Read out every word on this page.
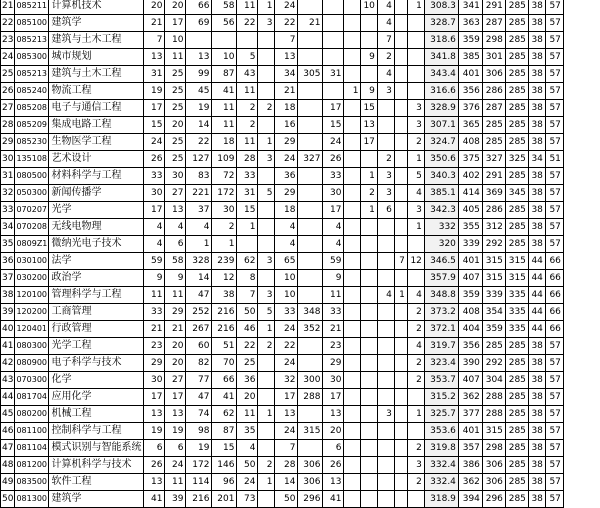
21	085211	计算机技术	20	20	66	58	11	1	24				10	4		1	308.3	341	291	285	38	57
22	085100	建筑学	21	17	69	56	22	3	22	21				4			328.7	363	287	285	38	57
23	085213	建筑与土木工程	7	10					7					7			318.6	359	298	285	38	57
24	085300	城市规划	13	11	13	10	5		13				9	2			341.8	385	301	285	38	57
25	085213	建筑与土木工程	31	25	99	87	43		34	305	31			4			343.4	401	306	285	38	57
26	085240	物流工程	19	25	45	41	11		21			1	9	3			316.6	356	286	285	38	57
27	085208	电子与通信工程	17	25	19	11	2	2	18		17		15			3	328.9	376	287	285	38	57
28	085209	集成电路工程	15	20	14	11	2		16		15		13			3	307.1	365	285	285	38	57
29	085230	生物医学工程	24	25	22	18	11	1	29		24		17			2	324.7	408	285	285	38	57
30	135108	艺术设计	26	25	127	109	28	3	24	327	26			2		1	350.6	375	327	325	34	51
31	080500	材料科学与工程	33	30	83	72	33		36		33		1	3		5	340.3	402	291	285	38	57
32	050300	新闻传播学	30	27	221	172	31	5	29		30		2	3		4	385.1	414	369	345	38	57
33	070207	光学	17	13	37	30	15		18		17		1	6		3	342.3	405	286	285	38	57
34	070208	无线电物理	4	4	4	2	1		4		4					1	332	355	312	285	38	57
35	0809Z1	微纳光电子技术	4	6	1	1			4		4						320	339	292	285	38	57
36	030100	法学	59	58	328	239	62	3	65		59				7	12	346.5	401	315	315	44	66
37	030200	政治学	9	9	14	12	8		10		9						357.9	407	315	315	44	66
38	120100	管理科学与工程	11	11	47	38	7	3	10		11			4	1	4	348.8	359	339	335	44	66
39	120200	工商管理	33	29	252	216	50	5	33	348	33					2	373.2	408	354	335	44	66
40	120401	行政管理	21	21	267	216	46	1	24	352	21					2	372.1	404	359	335	44	66
41	080300	光学工程	23	20	60	51	22	2	22		23					4	319.7	356	285	285	38	57
42	080900	电子科学与技术	29	20	82	70	25		24		29					2	323.4	390	292	285	38	57
43	070300	化学	30	27	77	66	36		32	300	30					2	353.7	407	304	285	38	57
44	081704	应用化学	17	17	47	41	20		17	288	17						315.2	362	288	285	38	57
45	080200	机械工程	13	13	74	62	11	1	13		13			3		1	325.7	377	288	285	38	57
46	081100	控制科学与工程	19	19	98	87	35		24	315	20						353.6	401	315	285	38	57
47	081104	模式识别与智能系统	6	6	19	15	4		7		6					2	319.8	357	298	285	38	57
48	081200	计算机科学与技术	26	24	172	146	50	2	28	306	26					3	332.4	386	306	285	38	57
49	083500	软件工程	13	11	114	96	24	1	14	306	13					2	332.4	362	306	285	38	57
50	081300	建筑学	41	39	216	201	73		50	296	41						318.9	394	296	285	38	57
